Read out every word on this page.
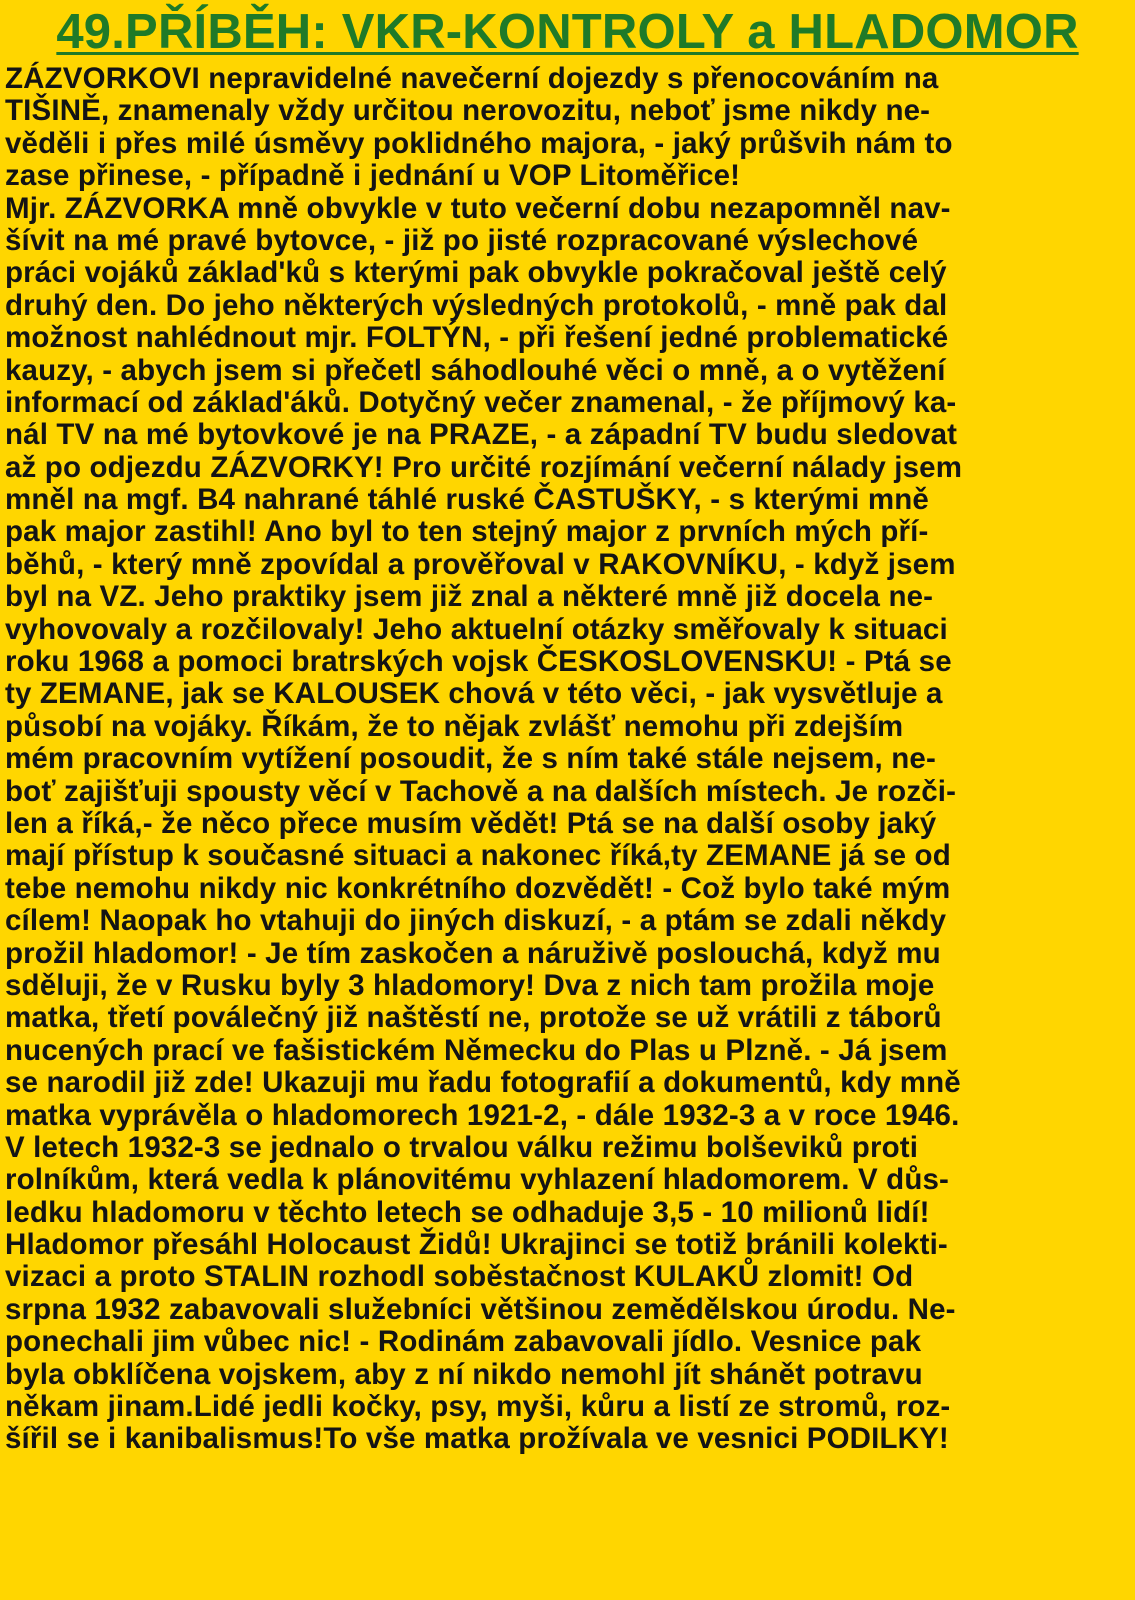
49.PŘÍBĚH: VKR-KONTROLY a HLADOMOR
ZÁZVORKOVI nepravidelné navečerní dojezdy s přenocováním na
TIŠINĚ, znamenaly vždy určitou nerovozitu, neboť jsme nikdy ne-
věděli i přes milé úsměvy poklidného majora, - jaký průšvih nám to
zase přinese, - případně i jednání u VOP Litoměřice!
Mjr. ZÁZVORKA mně obvykle v tuto večerní dobu nezapomněl nav-
šívit na mé pravé bytovce, - již po jisté rozpracované výslechové
práci vojáků základ'ků s kterými pak obvykle pokračoval ještě celý
druhý den. Do jeho některých výsledných protokolů, - mně pak dal
možnost nahlédnout mjr. FOLTÝN, - při řešení jedné problematické
kauzy, - abych jsem si přečetl sáhodlouhé věci o mně, a o vytěžení
informací od základ'áků. Dotyčný večer znamenal, - že příjmový ka-
nál TV na mé bytovkové je na PRAZE, - a západní TV budu sledovat
až po odjezdu ZÁZVORKY! Pro určité rozjímání večerní nálady jsem
mněl na mgf. B4 nahrané táhlé ruské ČASTUŠKY, - s kterými mně
pak major zastihl! Ano byl to ten stejný major z prvních mých pří-
běhů, - který mně zpovídal a prověřoval v RAKOVNÍKU, - když jsem
byl na VZ. Jeho praktiky jsem již znal a některé mně již docela ne-
vyhovovaly a rozčilovaly! Jeho aktuelní otázky směřovaly k situaci
roku 1968 a pomoci bratrských vojsk ČESKOSLOVENSKU! - Ptá se
ty ZEMANE, jak se KALOUSEK chová v této věci, - jak vysvětluje a
působí na vojáky. Říkám, že to nějak zvlášť nemohu při zdejším
mém pracovním vytížení posoudit, že s ním také stále nejsem, ne-
boť zajišťuji spousty věcí v Tachově a na dalších místech. Je rozči-
len a říká,- že něco přece musím vědět! Ptá se na další osoby jaký
mají přístup k současné situaci a nakonec říká,ty ZEMANE já se od
tebe nemohu nikdy nic konkrétního dozvědět! - Což bylo také mým
cílem! Naopak ho vtahuji do jiných diskuzí, - a ptám se zdali někdy
prožil hladomor! - Je tím zaskočen a náruživě poslouchá, když mu
sděluji, že v Rusku byly 3 hladomory! Dva z nich tam prožila moje
matka, třetí poválečný již naštěstí ne, protože se už vrátili z táborů
nucených prací ve fašistickém Německu do Plas u Plzně. - Já jsem
se narodil již zde! Ukazuji mu řadu fotografií a dokumentů, kdy mně
matka vyprávěla o hladomorech 1921-2, - dále 1932-3 a v roce 1946.
V letech 1932-3 se jednalo o trvalou válku režimu bolševiků proti
rolníkům, která vedla k plánovitému vyhlazení hladomorem. V důs-
ledku hladomoru v těchto letech se odhaduje 3,5 - 10 milionů lidí!
Hladomor přesáhl Holocaust Židů! Ukrajinci se totiž bránili kolekti-
vizaci a proto STALIN rozhodl soběstačnost KULAKŮ zlomit! Od
srpna 1932 zabavovali služebníci většinou zemědělskou úrodu. Ne-
ponechali jim vůbec nic! - Rodinám zabavovali jídlo. Vesnice pak
byla obklíčena vojskem, aby z ní nikdo nemohl jít shánět potravu
někam jinam.Lidé jedli kočky, psy, myši, kůru a listí ze stromů, roz-
šířil se i kanibalismus!To vše matka prožívala ve vesnici PODILKY!
